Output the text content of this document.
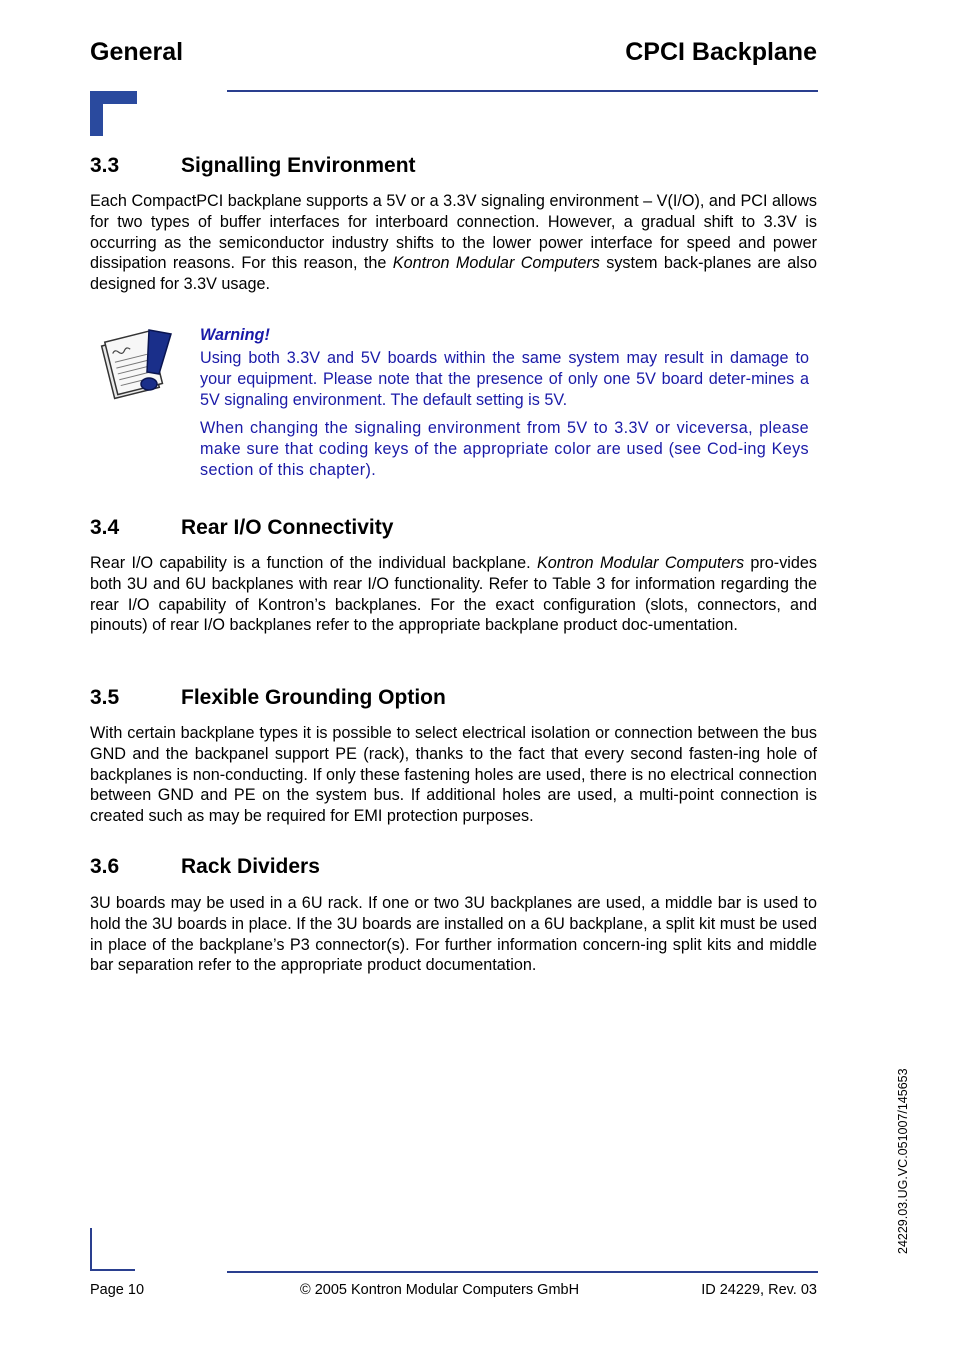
General	CPCI Backplane
3.3	Signalling Environment
Each CompactPCI backplane supports a 5V or a 3.3V signaling environment – V(I/O), and PCI allows for two types of buffer interfaces for interboard connection. However, a gradual shift to 3.3V is occurring as the semiconductor industry shifts to the lower power interface for speed and power dissipation reasons. For this reason, the Kontron Modular Computers system back-planes are also designed for 3.3V usage.
Warning!
Using both 3.3V and 5V boards within the same system may result in damage to your equipment. Please note that the presence of only one 5V board deter-mines a 5V signaling environment. The default setting is 5V.
When changing the signaling environment from 5V to 3.3V or viceversa, please make sure that coding keys of the appropriate color are used (see Cod-ing Keys section of this chapter).
3.4	Rear I/O Connectivity
Rear I/O capability is a function of the individual backplane. Kontron Modular Computers pro-vides both 3U and 6U backplanes with rear I/O functionality. Refer to Table 3 for information regarding the rear I/O capability of Kontron’s backplanes. For the exact configuration (slots, connectors, and pinouts) of rear I/O backplanes refer to the appropriate backplane product doc-umentation.
3.5	Flexible Grounding Option
With certain backplane types it is possible to select electrical isolation or connection between the bus GND and the backpanel support PE (rack), thanks to the fact that every second fasten-ing hole of backplanes is non-conducting. If only these fastening holes are used, there is no electrical connection between GND and PE on the system bus. If additional holes are used, a multi-point connection is created such as may be required for EMI protection purposes.
3.6	Rack Dividers
3U boards may be used in a 6U rack. If one or two 3U backplanes are used, a middle bar is used to hold the 3U boards in place. If the 3U boards are installed on a 6U backplane, a split kit must be used in place of the backplane’s P3 connector(s). For further information concern-ing split kits and middle bar separation refer to the appropriate product documentation.
24229.03.UG.VC.051007/145653
Page 10	© 2005 Kontron Modular Computers GmbH	ID 24229, Rev. 03
